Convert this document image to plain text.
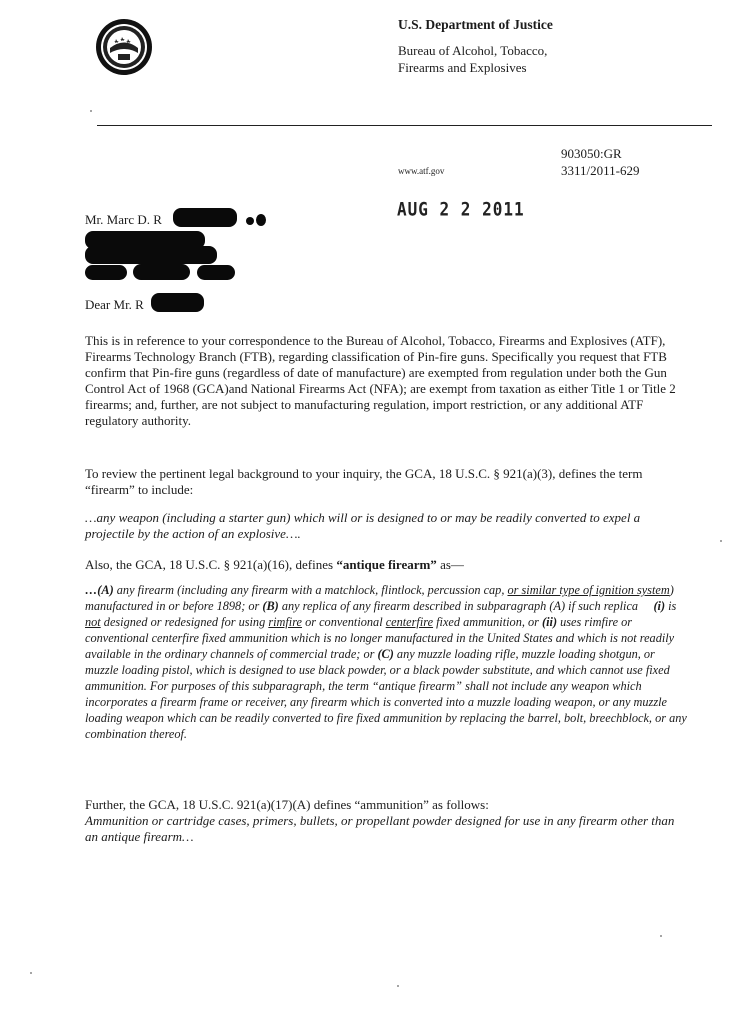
U.S. Department of Justice
Bureau of Alcohol, Tobacco,
Firearms and Explosives
903050:GR
3311/2011-629
www.atf.gov
AUG 2 2 2011
Mr. Marc D. R
Dear Mr. R
This is in reference to your correspondence to the Bureau of Alcohol, Tobacco, Firearms and Explosives (ATF), Firearms Technology Branch (FTB), regarding classification of Pin-fire guns. Specifically you request that FTB confirm that Pin-fire guns (regardless of date of manufacture) are exempted from regulation under both the Gun Control Act of 1968 (GCA)and National Firearms Act (NFA); are exempt from taxation as either Title 1 or Title 2 firearms; and, further, are not subject to manufacturing regulation, import restriction, or any additional ATF regulatory authority.
To review the pertinent legal background to your inquiry, the GCA, 18 U.S.C. § 921(a)(3), defines the term “firearm” to include:
…any weapon (including a starter gun) which will or is designed to or may be readily converted to expel a projectile by the action of an explosive….
Also, the GCA, 18 U.S.C. § 921(a)(16), defines “antique firearm” as—
…(A) any firearm (including any firearm with a matchlock, flintlock, percussion cap, or similar type of ignition system) manufactured in or before 1898; or (B) any replica of any firearm described in subparagraph (A) if such replica  (i) is not designed or redesigned for using rimfire or conventional centerfire fixed ammunition, or (ii) uses rimfire or conventional centerfire fixed ammunition which is no longer manufactured in the United States and which is not readily available in the ordinary channels of commercial trade; or (C) any muzzle loading rifle, muzzle loading shotgun, or muzzle loading pistol, which is designed to use black powder, or a black powder substitute, and which cannot use fixed ammunition. For purposes of this subparagraph, the term “antique firearm” shall not include any weapon which incorporates a firearm frame or receiver, any firearm which is converted into a muzzle loading weapon, or any muzzle loading weapon which can be readily converted to fire fixed ammunition by replacing the barrel, bolt, breechblock, or any combination thereof.
Further, the GCA, 18 U.S.C. 921(a)(17)(A) defines “ammunition” as follows:
Ammunition or cartridge cases, primers, bullets, or propellant powder designed for use in any firearm other than an antique firearm…
